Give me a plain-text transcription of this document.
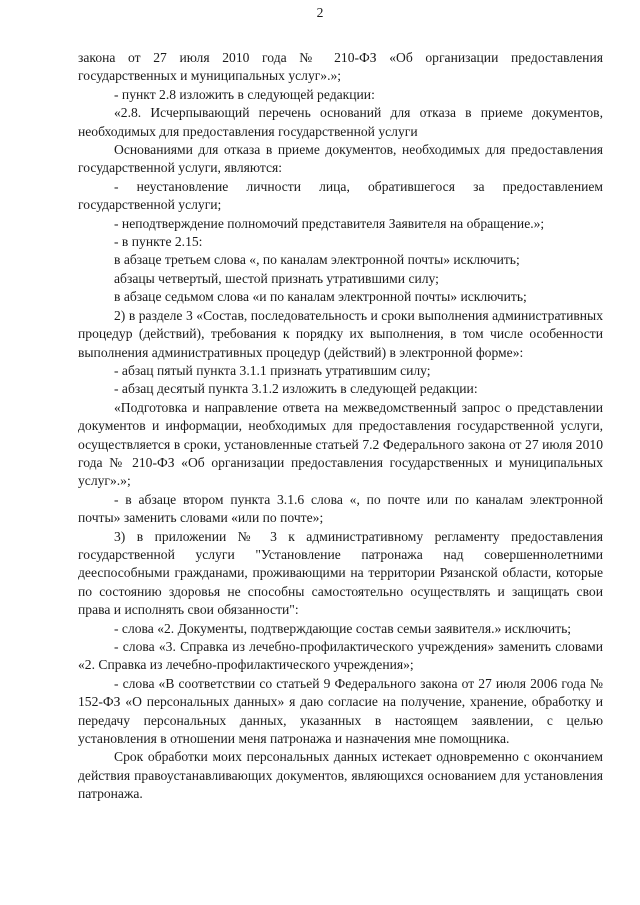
2

закона от 27 июля 2010 года № 210-ФЗ «Об организации предоставления государственных и муниципальных услуг».»;

- пункт 2.8 изложить в следующей редакции:

«2.8. Исчерпывающий перечень оснований для отказа в приеме документов, необходимых для предоставления государственной услуги

Основаниями для отказа в приеме документов, необходимых для предоставления государственной услуги, являются:

- неустановление личности лица, обратившегося за предоставлением государственной услуги;

- неподтверждение полномочий представителя Заявителя на обращение.»;

- в пункте 2.15:

в абзаце третьем слова «, по каналам электронной почты» исключить;

абзацы четвертый, шестой признать утратившими силу;

в абзаце седьмом слова «и по каналам электронной почты» исключить;

2) в разделе 3 «Состав, последовательность и сроки выполнения административных процедур (действий), требования к порядку их выполнения, в том числе особенности выполнения административных процедур (действий) в электронной форме»:

- абзац пятый пункта 3.1.1 признать утратившим силу;

- абзац десятый пункта 3.1.2 изложить в следующей редакции:

«Подготовка и направление ответа на межведомственный запрос о представлении документов и информации, необходимых для предоставления государственной услуги, осуществляется в сроки, установленные статьей 7.2 Федерального закона от 27 июля 2010 года № 210-ФЗ «Об организации предоставления государственных и муниципальных услуг».»;

- в абзаце втором пункта 3.1.6 слова «, по почте или по каналам электронной почты» заменить словами «или по почте»;

3) в приложении № 3 к административному регламенту предоставления государственной услуги "Установление патронажа над совершеннолетними дееспособными гражданами, проживающими на территории Рязанской области, которые по состоянию здоровья не способны самостоятельно осуществлять и защищать свои права и исполнять свои обязанности":

- слова «2. Документы, подтверждающие состав семьи заявителя.» исключить;

- слова «3. Справка из лечебно-профилактического учреждения» заменить словами «2. Справка из лечебно-профилактического учреждения»;

- слова «В соответствии со статьей 9 Федерального закона от 27 июля 2006 года № 152-ФЗ «О персональных данных» я даю согласие на получение, хранение, обработку и передачу персональных данных, указанных в настоящем заявлении, с целью установления в отношении меня патронажа и назначения мне помощника.

Срок обработки моих персональных данных истекает одновременно с окончанием действия правоустанавливающих документов, являющихся основанием для установления патронажа.
